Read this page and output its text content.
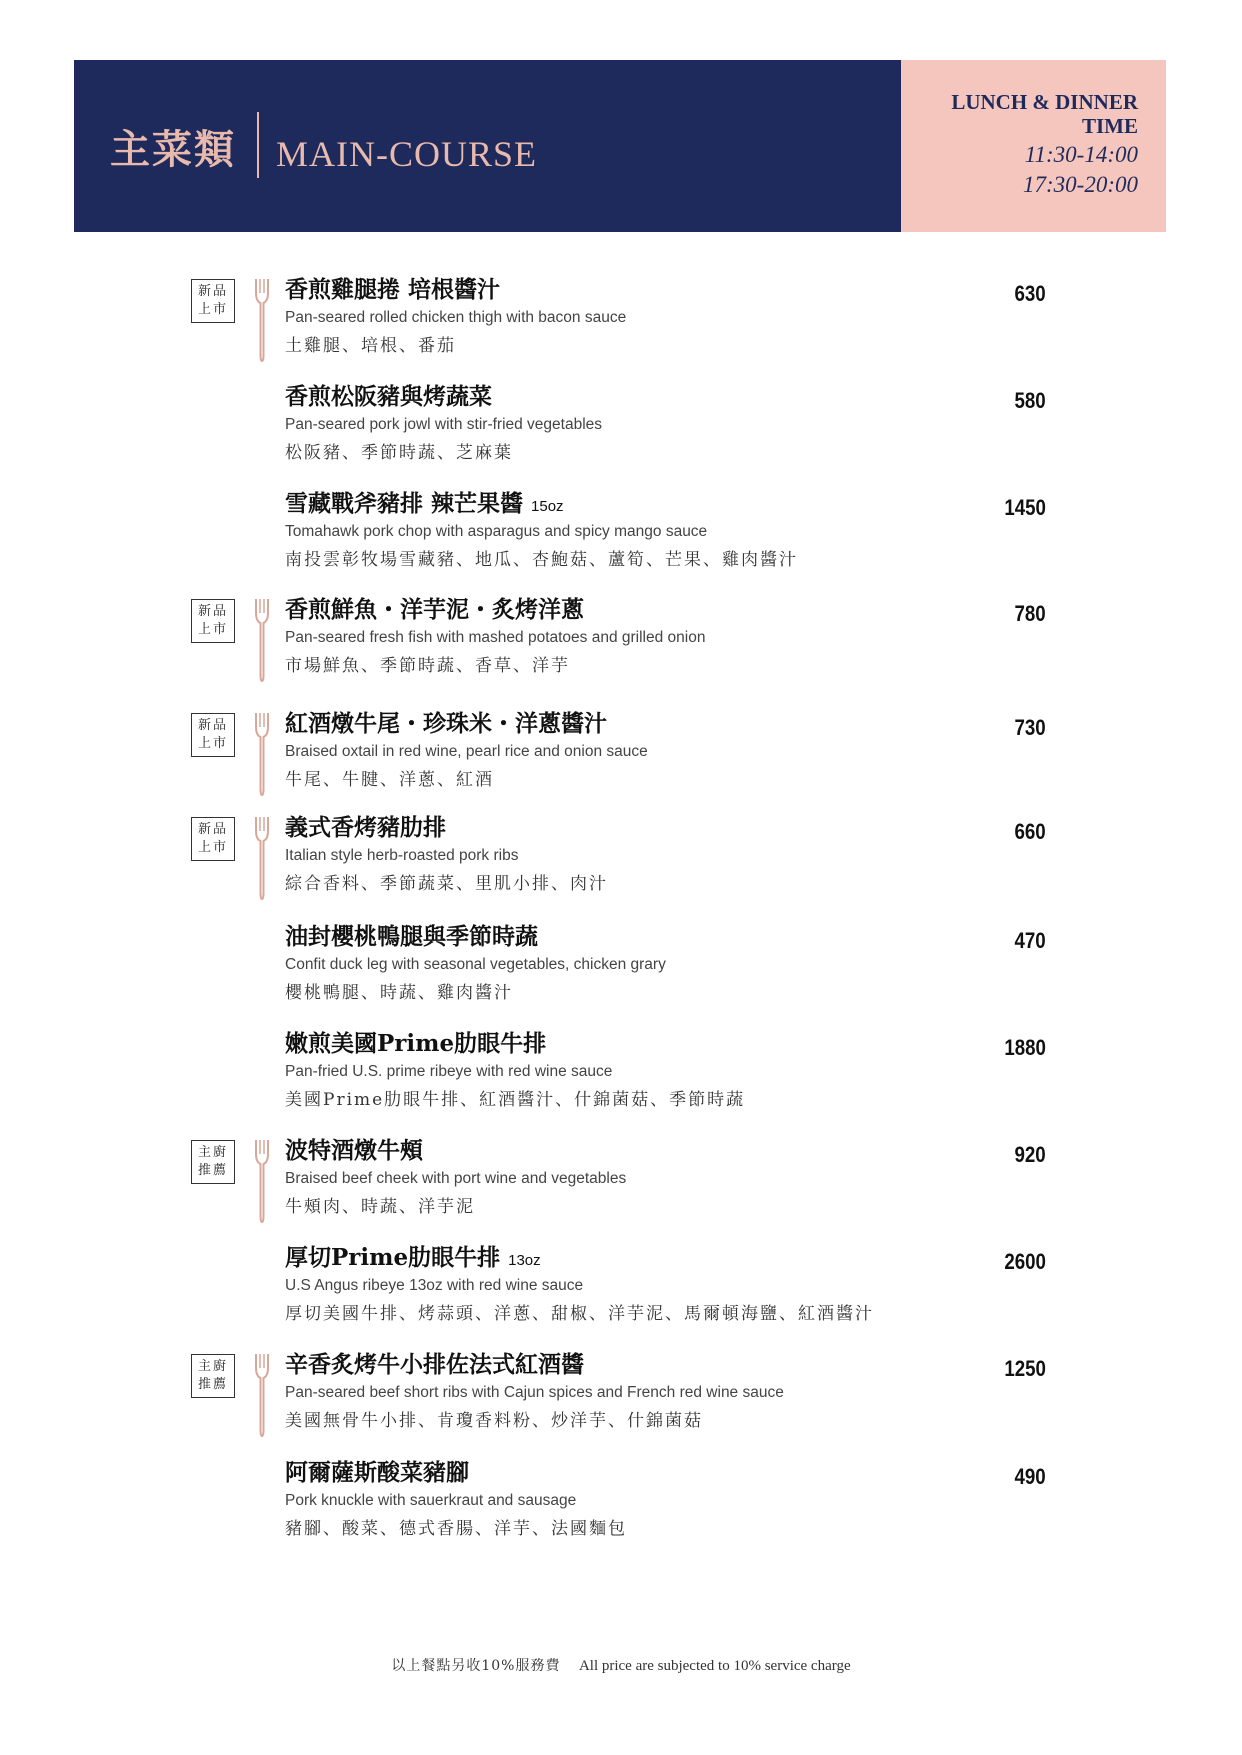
主菜類 MAIN-COURSE
LUNCH & DINNER TIME
11:30-14:00
17:30-20:00
新品
上市
香煎雞腿捲 培根醬汁
Pan-seared rolled chicken thigh with bacon sauce
土雞腿、培根、番茄
630
香煎松阪豬與烤蔬菜
Pan-seared pork jowl with stir-fried vegetables
松阪豬、季節時蔬、芝麻葉
580
雪藏戰斧豬排 辣芒果醬 15oz
Tomahawk pork chop with asparagus and spicy mango sauce
南投雲彰牧場雪藏豬、地瓜、杏鮑菇、蘆筍、芒果、雞肉醬汁
1450
新品
上市
香煎鮮魚・洋芋泥・炙烤洋蔥
Pan-seared fresh fish with mashed potatoes and grilled onion
市場鮮魚、季節時蔬、香草、洋芋
780
新品
上市
紅酒燉牛尾・珍珠米・洋蔥醬汁
Braised oxtail in red wine, pearl rice and onion sauce
牛尾、牛腱、洋蔥、紅酒
730
新品
上市
義式香烤豬肋排
Italian style herb-roasted pork ribs
綜合香料、季節蔬菜、里肌小排、肉汁
660
油封櫻桃鴨腿與季節時蔬
Confit duck leg with seasonal vegetables, chicken grary
櫻桃鴨腿、時蔬、雞肉醬汁
470
嫩煎美國Prime肋眼牛排
Pan-fried U.S. prime ribeye with red wine sauce
美國Prime肋眼牛排、紅酒醬汁、什錦菌菇、季節時蔬
1880
主廚
推薦
波特酒燉牛頰
Braised beef cheek with port wine and vegetables
牛頰肉、時蔬、洋芋泥
920
厚切Prime肋眼牛排 13oz
U.S Angus ribeye 13oz with red wine sauce
厚切美國牛排、烤蒜頭、洋蔥、甜椒、洋芋泥、馬爾頓海鹽、紅酒醬汁
2600
主廚
推薦
辛香炙烤牛小排佐法式紅酒醬
Pan-seared beef short ribs with Cajun spices and French red wine sauce
美國無骨牛小排、肯瓊香料粉、炒洋芋、什錦菌菇
1250
阿爾薩斯酸菜豬腳
Pork knuckle with sauerkraut and sausage
豬腳、酸菜、德式香腸、洋芋、法國麵包
490
以上餐點另收10%服務費 All price are subjected to 10% service charge
